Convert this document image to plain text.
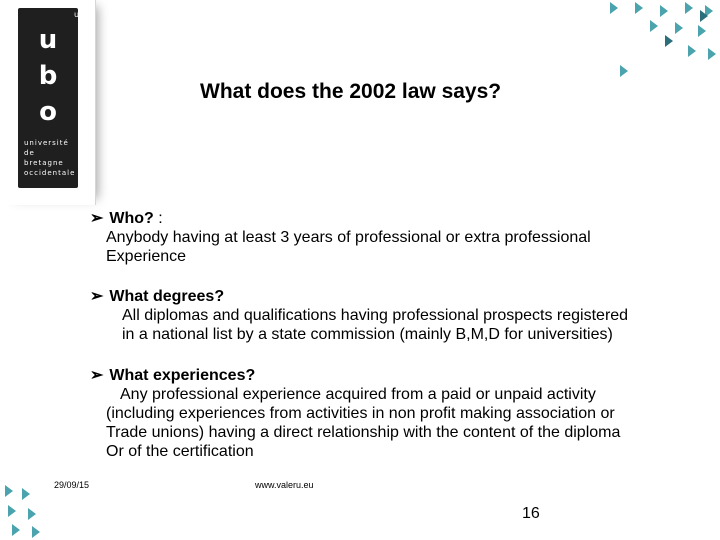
ubo
u
b
o
université
de bretagne
occidentale
What does the 2002 law says?
➢ Who? :
Anybody having at least 3 years of professional or extra professional
Experience
➢ What degrees?
All diplomas and qualifications having professional prospects registered
in a national list by a state commission (mainly B,M,D for universities)
➢ What experiences?
Any professional experience acquired from a paid or unpaid activity
(including experiences from activities in non profit making association or
Trade unions) having a direct relationship with the content of the diploma
Or of the certification
29/09/15	www.valeru.eu
16
